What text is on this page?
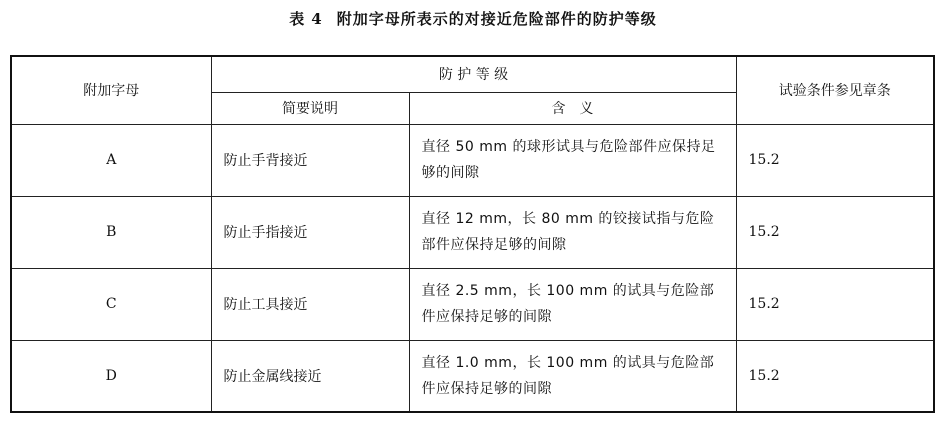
表 4 附加字母所表示的对接近危险部件的防护等级
附加字母	防 护 等 级		试验条件参见章条
	简要说明	含　义	
A	防止手背接近	直径 50 mm 的球形试具与危险部件应保持足够的间隙	15.2
B	防止手指接近	直径 12 mm，长 80 mm 的铰接试指与危险部件应保持足够的间隙	15.2
C	防止工具接近	直径 2.5 mm，长 100 mm 的试具与危险部件应保持足够的间隙	15.2
D	防止金属线接近	直径 1.0 mm，长 100 mm 的试具与危险部件应保持足够的间隙	15.2
